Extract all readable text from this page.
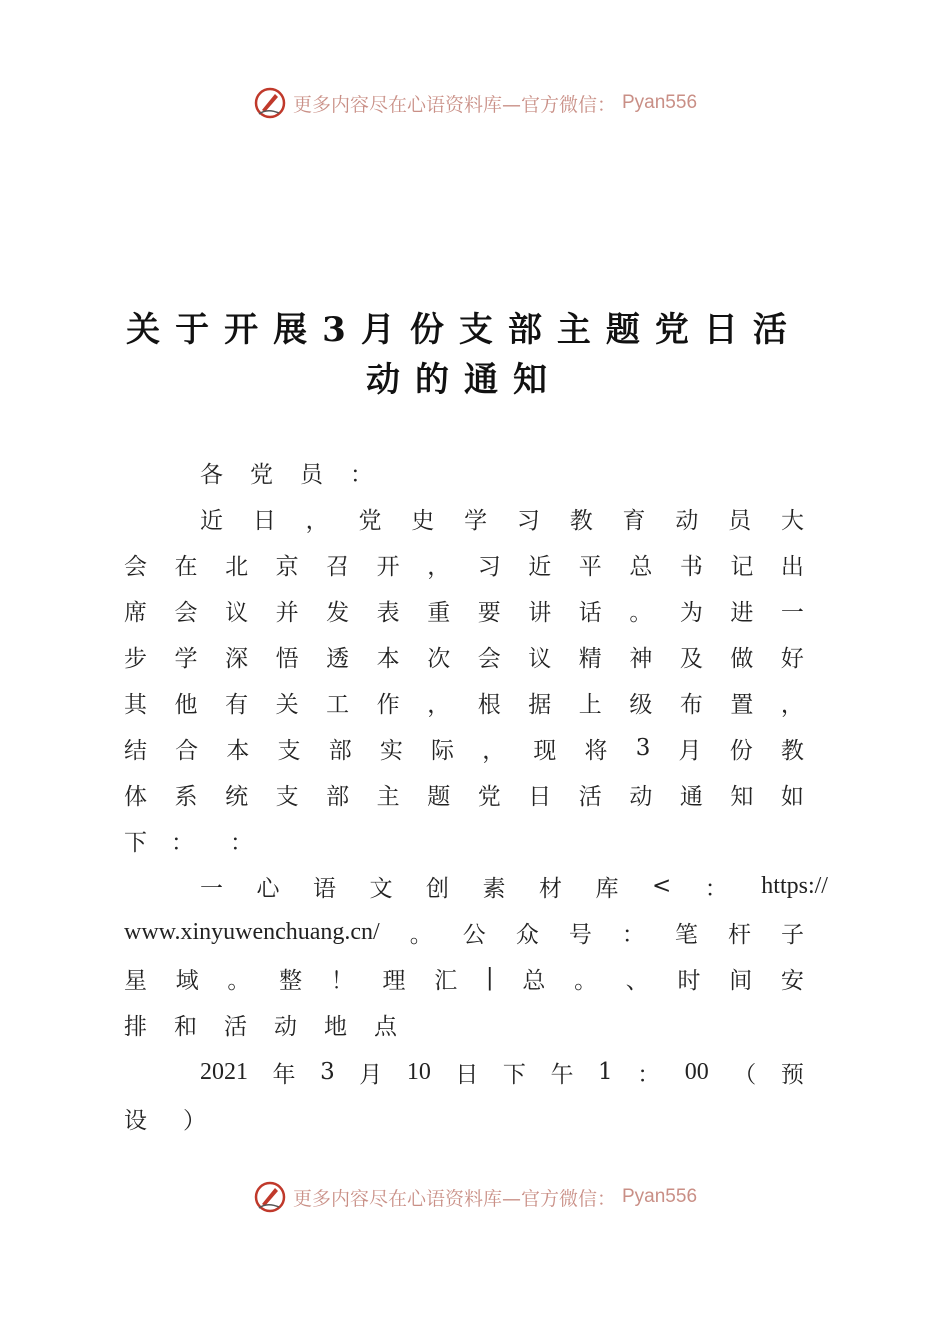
更多内容尽在心语资料库—官方微信： Pyan556
关于开展3月份支部主题党日活
动的通知
各 党 员 ：
近 日 ， 党 史 学 习 教 育 动 员 大
会 在 北 京 召 开 ， 习 近 平 总 书 记 出
席 会 议 并 发 表 重 要 讲 话 。 为 进 一
步 学 深 悟 透 本 次 会 议 精 神 及 做 好
其 他 有 关 工 作 ， 根 据 上 级 布 置 ，
结 合 本 支 部 实 际 ， 现 将 3 月 份 教
体 系 统 支 部 主 题 党 日 活 动 通 知 如
下 ： ：
一 心 语 文 创 素 材 库 < ： https://
www.xinyuwenchuang.cn/ 。 公 众 号 ： 笔 杆 子
星 域 。 整 ！ 理 汇 | 总 。 、 时 间 安
排 和 活 动 地 点
2021 年 3 月 10 日 下 午 1 ： 00 （ 预
设 ）
更多内容尽在心语资料库—官方微信： Pyan556
